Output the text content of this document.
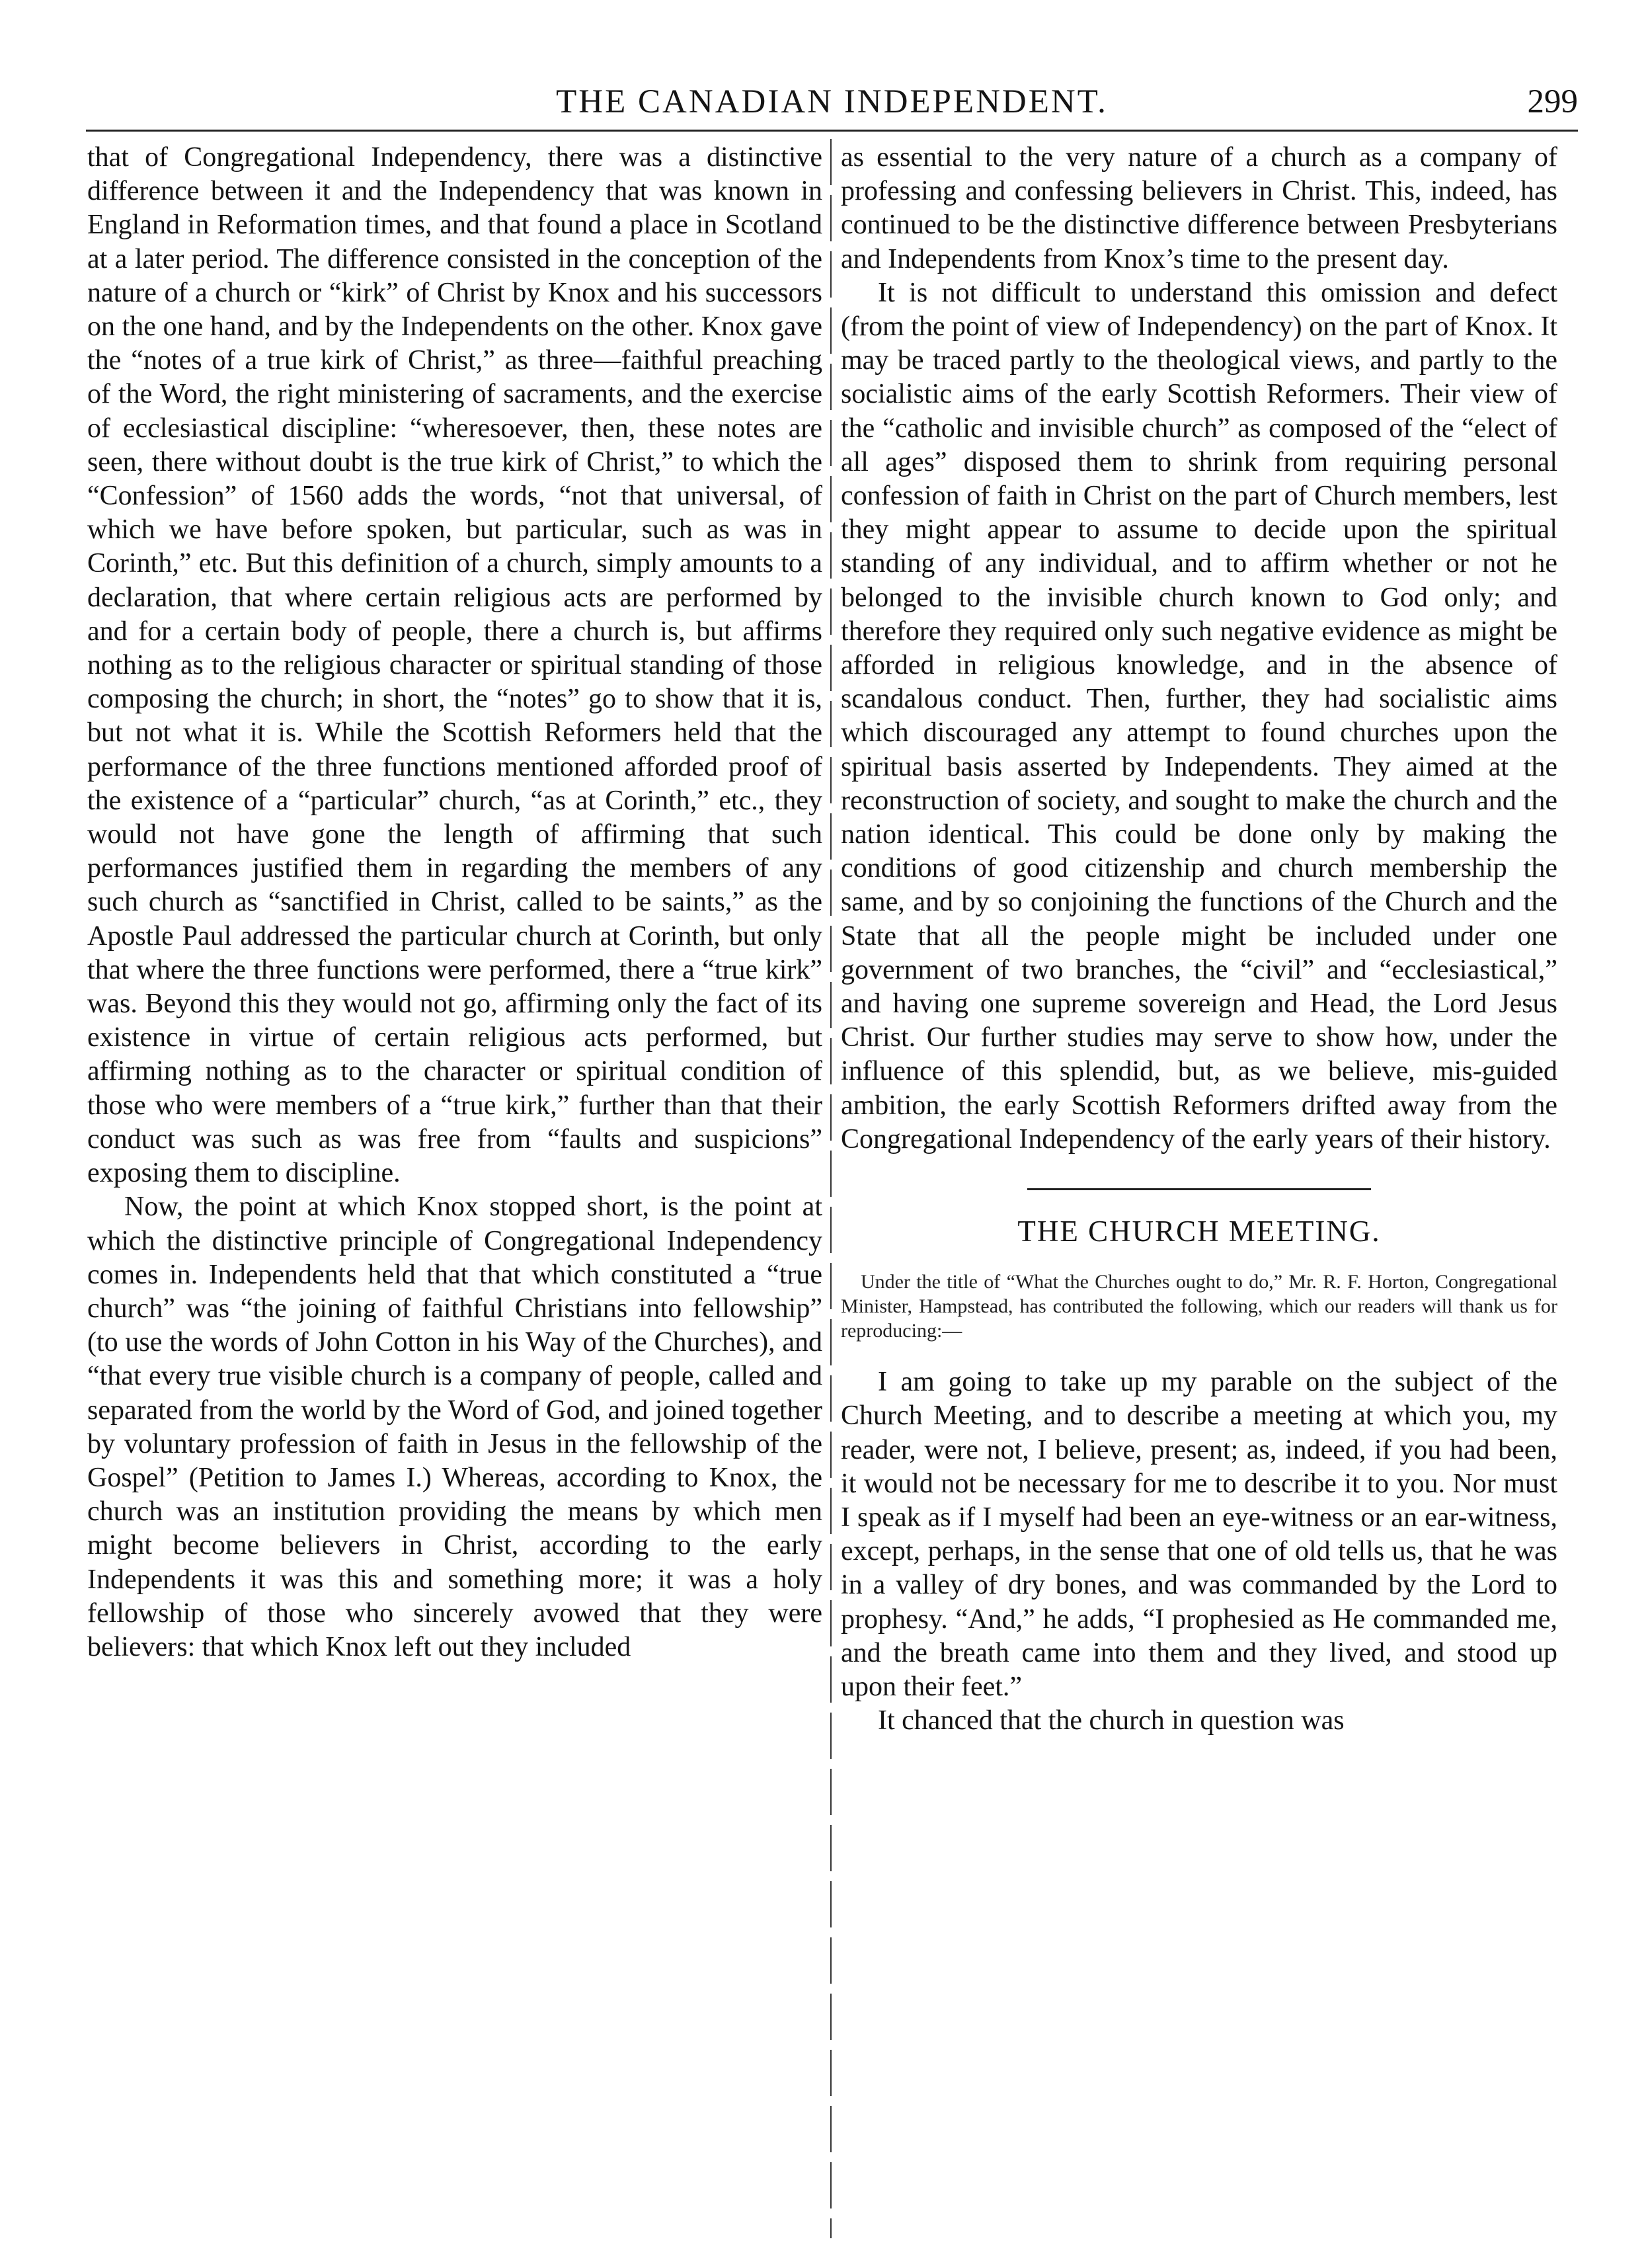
THE CANADIAN INDEPENDENT.	299

that of Congregational Independency, there was a distinctive difference between it and the Independency that was known in England in Reformation times, and that found a place in Scotland at a later period. The difference consisted in the conception of the nature of a church or “kirk” of Christ by Knox and his successors on the one hand, and by the Independents on the other. Knox gave the “notes of a true kirk of Christ,” as three—faithful preaching of the Word, the right ministering of sacraments, and the exercise of ecclesiastical discipline: “wheresoever, then, these notes are seen, there without doubt is the true kirk of Christ,” to which the “Confession” of 1560 adds the words, “not that universal, of which we have before spoken, but particular, such as was in Corinth,” etc. But this definition of a church, simply amounts to a declaration, that where certain religious acts are performed by and for a certain body of people, there a church is, but affirms nothing as to the religious character or spiritual standing of those composing the church; in short, the “notes” go to show that it is, but not what it is. While the Scottish Reformers held that the performance of the three functions mentioned afforded proof of the existence of a “particular” church, “as at Corinth,” etc., they would not have gone the length of affirming that such performances justified them in regarding the members of any such church as “sanctified in Christ, called to be saints,” as the Apostle Paul addressed the particular church at Corinth, but only that where the three functions were performed, there a “true kirk” was. Beyond this they would not go, affirming only the fact of its existence in virtue of certain religious acts performed, but affirming nothing as to the character or spiritual condition of those who were members of a “true kirk,” further than that their conduct was such as was free from “faults and suspicions” exposing them to discipline.

Now, the point at which Knox stopped short, is the point at which the distinctive principle of Congregational Independency comes in. Independents held that that which constituted a “true church” was “the joining of faithful Christians into fellowship” (to use the words of John Cotton in his Way of the Churches), and “that every true visible church is a company of people, called and separated from the world by the Word of God, and joined together by voluntary profession of faith in Jesus in the fellowship of the Gospel” (Petition to James I.) Whereas, according to Knox, the church was an institution providing the means by which men might become believers in Christ, according to the early Independents it was this and something more; it was a holy fellowship of those who sincerely avowed that they were believers: that which Knox left out they included

as essential to the very nature of a church as a company of professing and confessing believers in Christ. This, indeed, has continued to be the distinctive difference between Presbyterians and Independents from Knox’s time to the present day.

It is not difficult to understand this omission and defect (from the point of view of Independency) on the part of Knox. It may be traced partly to the theological views, and partly to the socialistic aims of the early Scottish Reformers. Their view of the “catholic and invisible church” as composed of the “elect of all ages” disposed them to shrink from requiring personal confession of faith in Christ on the part of Church members, lest they might appear to assume to decide upon the spiritual standing of any individual, and to affirm whether or not he belonged to the invisible church known to God only; and therefore they required only such negative evidence as might be afforded in religious knowledge, and in the absence of scandalous conduct. Then, further, they had socialistic aims which discouraged any attempt to found churches upon the spiritual basis asserted by Independents. They aimed at the reconstruction of society, and sought to make the church and the nation identical. This could be done only by making the conditions of good citizenship and church membership the same, and by so conjoining the functions of the Church and the State that all the people might be included under one government of two branches, the “civil” and “ecclesiastical,” and having one supreme sovereign and Head, the Lord Jesus Christ. Our further studies may serve to show how, under the influence of this splendid, but, as we believe, mis-guided ambition, the early Scottish Reformers drifted away from the Congregational Independency of the early years of their history.

THE CHURCH MEETING.

Under the title of “What the Churches ought to do,” Mr. R. F. Horton, Congregational Minister, Hampstead, has contributed the following, which our readers will thank us for reproducing:—

I am going to take up my parable on the subject of the Church Meeting, and to describe a meeting at which you, my reader, were not, I believe, present; as, indeed, if you had been, it would not be necessary for me to describe it to you. Nor must I speak as if I myself had been an eye-witness or an ear-witness, except, perhaps, in the sense that one of old tells us, that he was in a valley of dry bones, and was commanded by the Lord to prophesy. “And,” he adds, “I prophesied as He commanded me, and the breath came into them and they lived, and stood up upon their feet.”

It chanced that the church in question was
